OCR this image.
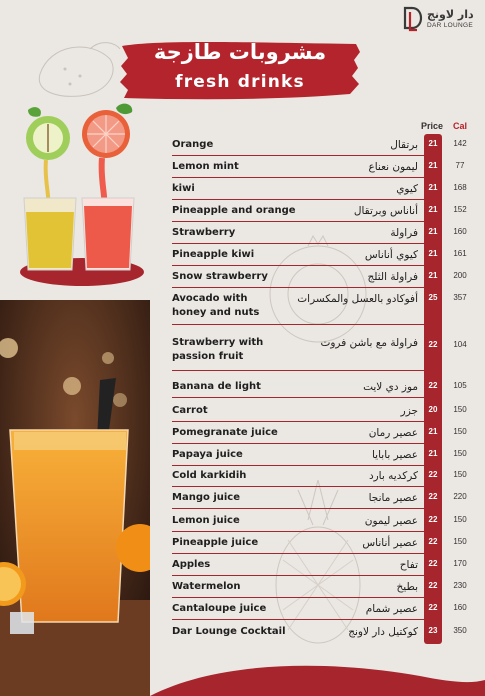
دار لاونج
DAR LOUNGE
مشروبات طازجة
fresh drinks
Price Cal
Orange	برتقال	21	142
Lemon mint	ليمون نعناع	21	77
kiwi	كيوي	21	168
Pineapple and orange	أناناس وبرتقال	21	152
Strawberry	فراولة	21	160
Pineapple kiwi	كيوي أناناس	21	161
Snow strawberry	فراولة الثلج	21	200
Avocado with honey and nuts
أفوكادو بالعسل والمكسرات	25	357
Strawberry with passion fruit
فراولة مع باشن فروت	22	104
Banana de light	موز دي لايت	22	105
Carrot	جزر	20	150
Pomegranate juice	عصير رمان	21	150
Papaya juice	عصير بابايا	21	150
Cold karkidih	كركديه بارد	22	150
Mango juice	عصير مانجا	22	220
Lemon juice	عصير ليمون	22	150
Pineapple juice	عصير أناناس	22	150
Apples	تفاح	22	170
Watermelon	بطيخ	22	230
Cantaloupe juice	عصير شمام	22	160
Dar Lounge Cocktail	كوكتيل دار لاونج	23	350
